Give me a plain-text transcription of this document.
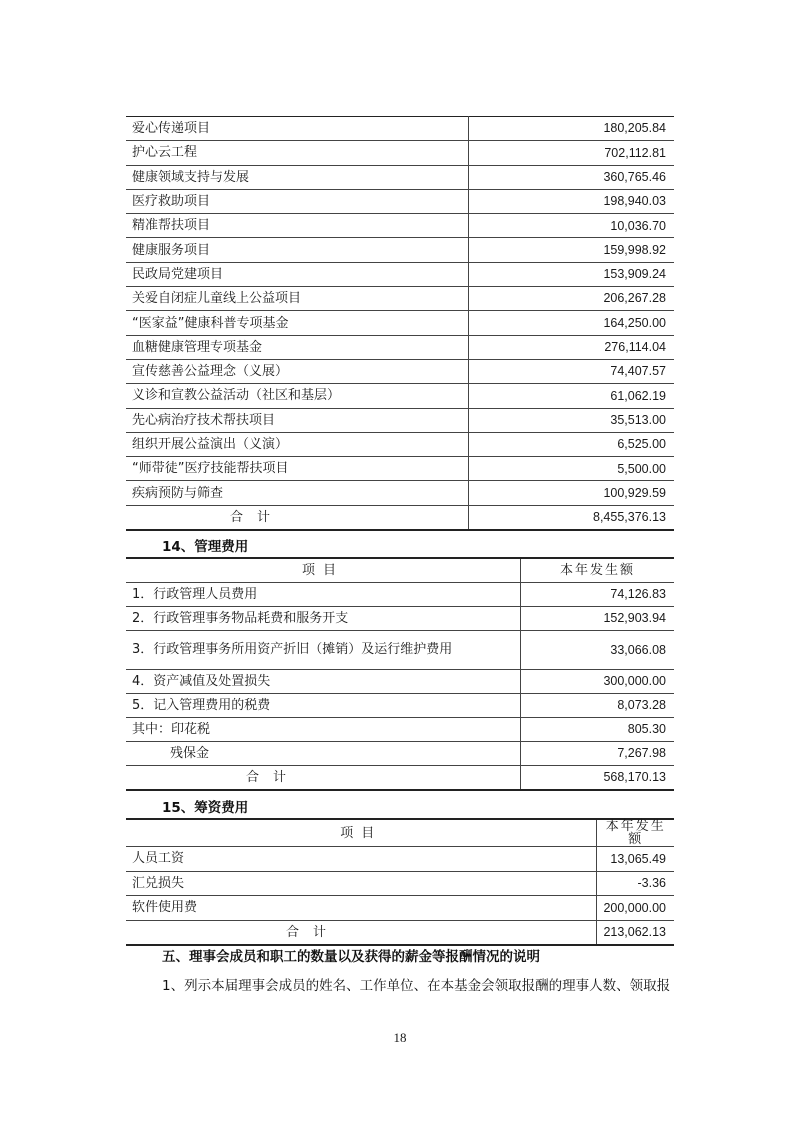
爱心传递项目	180,205.84
护心云工程	702,112.81
健康领域支持与发展	360,765.46
医疗救助项目	198,940.03
精准帮扶项目	10,036.70
健康服务项目	159,998.92
民政局党建项目	153,909.24
关爱自闭症儿童线上公益项目	206,267.28
“医家益”健康科普专项基金	164,250.00
血糖健康管理专项基金	276,114.04
宣传慈善公益理念（义展）	74,407.57
义诊和宣教公益活动（社区和基层）	61,062.19
先心病治疗技术帮扶项目	35,513.00
组织开展公益演出（义演）	6,525.00
“师带徒”医疗技能帮扶项目	5,500.00
疾病预防与筛查	100,929.59
合计	8,455,376.13
14、管理费用
项目	本年发生额
1．行政管理人员费用	74,126.83
2．行政管理事务物品耗费和服务开支	152,903.94
3．行政管理事务所用资产折旧（摊销）及运行维护费用	33,066.08
4．资产减值及处置损失	300,000.00
5．记入管理费用的税费	8,073.28
其中：印花税	805.30
残保金	7,267.98
合计	568,170.13
15、筹资费用
项目	本年发生额
人员工资	13,065.49
汇兑损失	-3.36
软件使用费	200,000.00
合计	213,062.13
五、理事会成员和职工的数量以及获得的薪金等报酬情况的说明
1、列示本届理事会成员的姓名、工作单位、在本基金会领取报酬的理事人数、领取报
18
